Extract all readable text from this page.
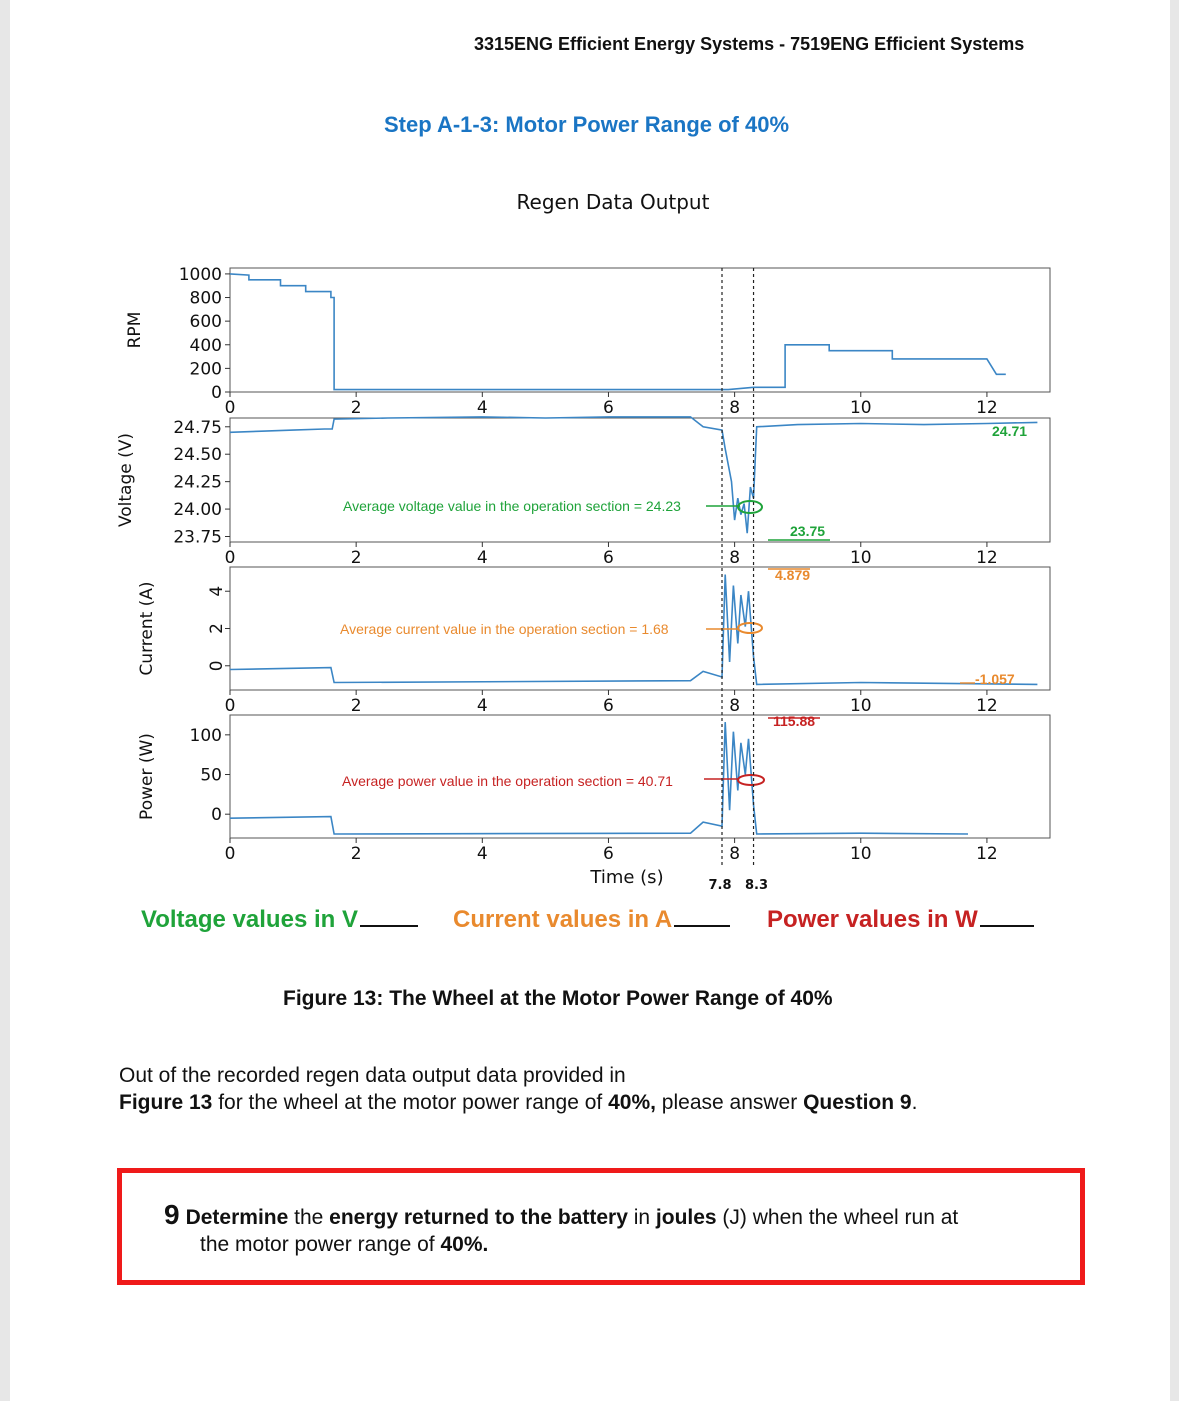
3315ENG Efficient Energy Systems - 7519ENG Efficient Systems
Step A-1-3: Motor Power Range of 40%
Regen Data Output
Time (s)
0
200
400
600
800
1000
0	2	4	6	8	10	12
RPM
23.75
24.00
24.25
24.50
24.75
0	2	4	6	8	10	12
Voltage (V)	Average voltage value in the operation section = 24.23
23.75
24.71
0
2
4
0	2	4	6	8	10	12
Current (A)	Average current value in the operation section = 1.68
4.879
-1.057
0
50
100
0	2	4	6	8	10	12
Power (W)	Average power value in the operation section = 40.71
115.88
7.8 8.3
Voltage values in V	Current values in A	Power values in W
Figure 13: The Wheel at the Motor Power Range of 40%
Out of the recorded regen data output data provided in
Figure 13 for the wheel at the motor power range of 40%, please answer Question 9.
9 Determine the energy returned to the battery in joules (J) when the wheel run at
the motor power range of 40%.
